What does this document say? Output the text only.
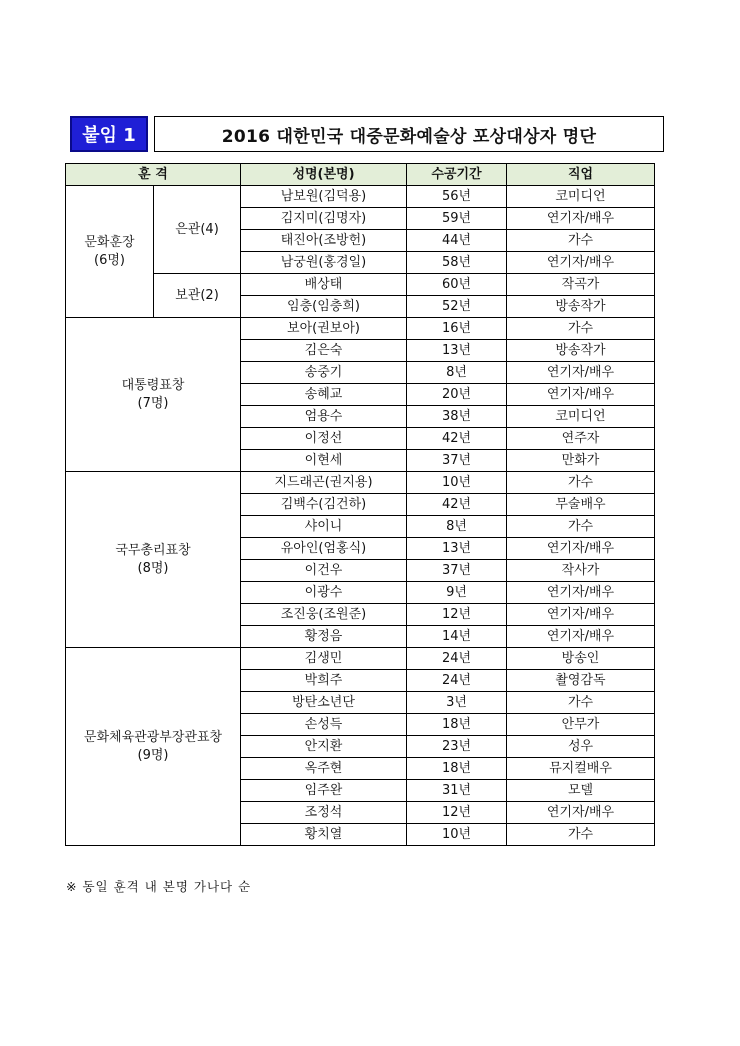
붙임 1	2016 대한민국 대중문화예술상 포상대상자 명단
훈 격		성명(본명)	수공기간	직업
문화훈장
(6명)	은관(4)	남보원(김덕용)	56년	코미디언
		김지미(김명자)	59년	연기자/배우
		태진아(조방헌)	44년	가수
		남궁원(홍경일)	58년	연기자/배우
	보관(2)	배상태	60년	작곡가
		임충(임충희)	52년	방송작가
대통령표창
(7명)		보아(권보아)	16년	가수
		김은숙	13년	방송작가
		송중기	8년	연기자/배우
		송혜교	20년	연기자/배우
		엄용수	38년	코미디언
		이정선	42년	연주자
		이현세	37년	만화가
국무총리표창
(8명)		지드래곤(권지용)	10년	가수
		김백수(김건하)	42년	무술배우
		샤이니	8년	가수
		유아인(엄홍식)	13년	연기자/배우
		이건우	37년	작사가
		이광수	9년	연기자/배우
		조진웅(조원준)	12년	연기자/배우
		황정음	14년	연기자/배우
문화체육관광부장관표창
(9명)		김생민	24년	방송인
		박희주	24년	촬영감독
		방탄소년단	3년	가수
		손성득	18년	안무가
		안지환	23년	성우
		옥주현	18년	뮤지컬배우
		임주완	31년	모델
		조정석	12년	연기자/배우
		황치열	10년	가수
※ 동일 훈격 내 본명 가나다 순
